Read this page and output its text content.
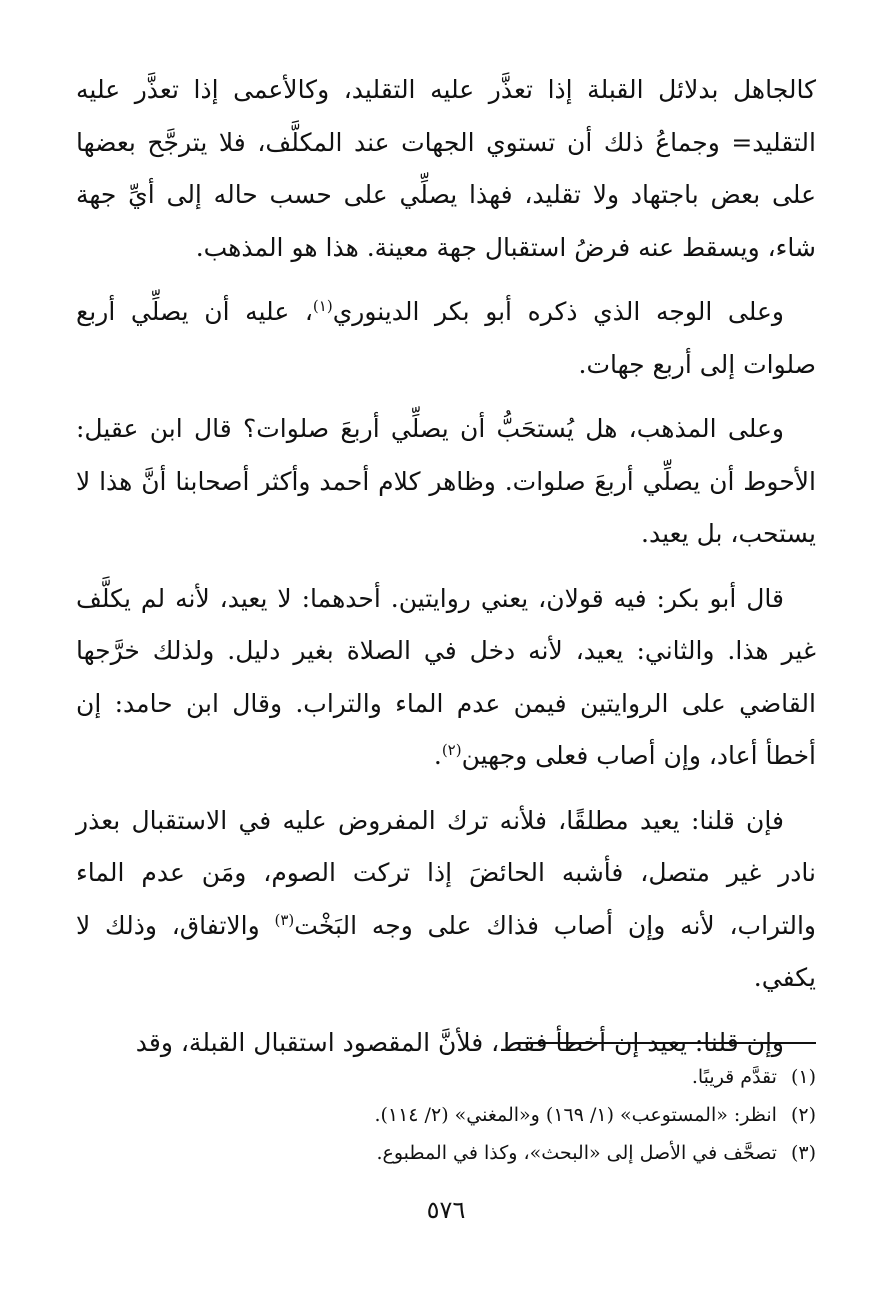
كالجاهل بدلائل القبلة إذا تعذَّر عليه التقليد، وكالأعمى إذا تعذَّر عليه التقليد= وجماعُ ذلك أن تستوي الجهات عند المكلَّف، فلا يترجَّح بعضها على بعض باجتهاد ولا تقليد، فهذا يصلِّي على حسب حاله إلى أيِّ جهة شاء، ويسقط عنه فرضُ استقبال جهة معينة. هذا هو المذهب.

وعلى الوجه الذي ذكره أبو بكر الدينوري$^{(١)}$، عليه أن يصلِّي أربع صلوات إلى أربع جهات.

وعلى المذهب، هل يُستحَبُّ أن يصلِّي أربعَ صلوات؟ قال ابن عقيل: الأحوط أن يصلِّي أربعَ صلوات. وظاهر كلام أحمد وأكثر أصحابنا أنَّ هذا لا يستحب، بل يعيد.

قال أبو بكر: فيه قولان، يعني روايتين. أحدهما: لا يعيد، لأنه لم يكلَّف غير هذا. والثاني: يعيد، لأنه دخل في الصلاة بغير دليل. ولذلك خرَّجها القاضي على الروايتين فيمن عدم الماء والتراب. وقال ابن حامد: إن أخطأ أعاد، وإن أصاب فعلى وجهين$^{(٢)}$.

فإن قلنا: يعيد مطلقًا، فلأنه ترك المفروض عليه في الاستقبال بعذر نادر غير متصل، فأشبه الحائضَ إذا تركت الصوم، ومَن عدم الماء والتراب، لأنه وإن أصاب فذاك على وجه البَخْت$^{(٣)}$ والاتفاق، وذلك لا يكفي.

وإن قلنا: يعيد إن أخطأ فقط، فلأنَّ المقصود استقبال القبلة، وقد

(١)تقدَّم قريبًا.

(٢)انظر: «المستوعب» (١/ ١٦٩) و«المغني» (٢/ ١١٤).

(٣)تصحَّف في الأصل إلى «البحث»، وكذا في المطبوع.

٥٧٦
